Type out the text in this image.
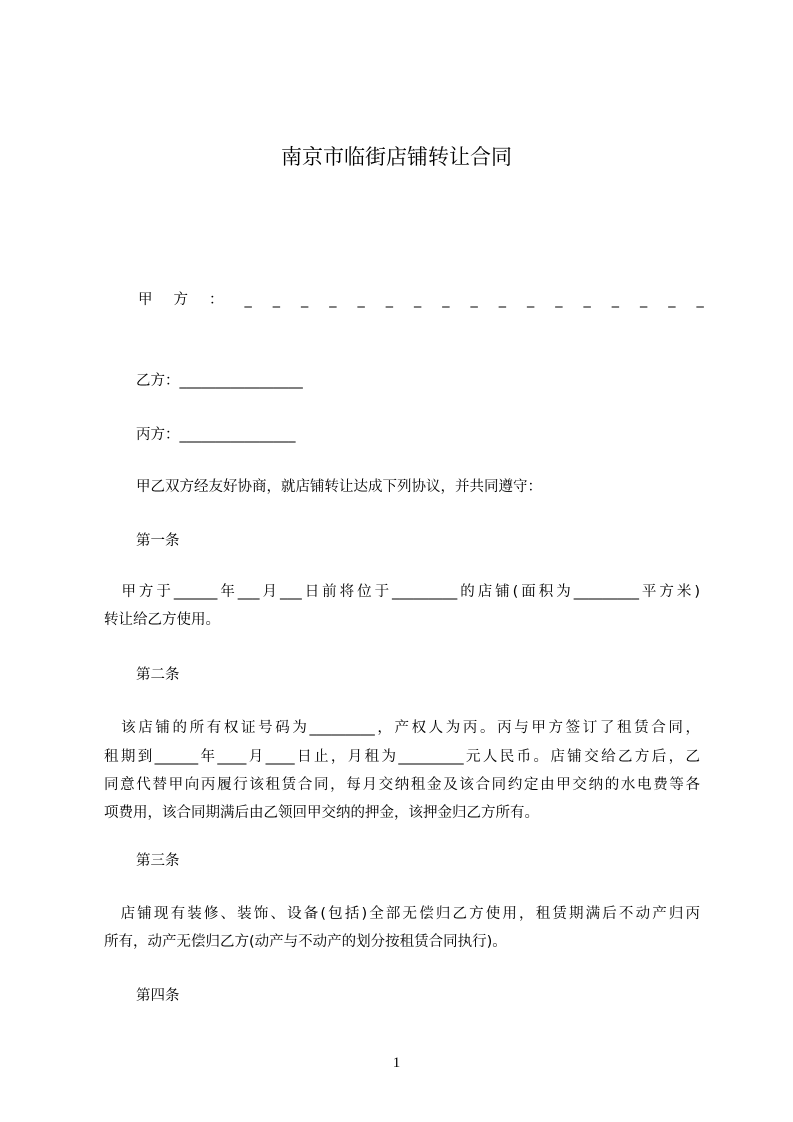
南京市临街店铺转让合同
甲方：_________________
乙方：_________________
丙方：________________
甲乙双方经友好协商，就店铺转让达成下列协议，并共同遵守：
第一条
　甲方于______年___月___日前将位于_________的店铺(面积为_________平方米)
转让给乙方使用。
第二条
　该店铺的所有权证号码为_________，产权人为丙。丙与甲方签订了租赁合同，
租期到______年____月____日止，月租为_________元人民币。店铺交给乙方后，乙
同意代替甲向丙履行该租赁合同，每月交纳租金及该合同约定由甲交纳的水电费等各
项费用，该合同期满后由乙领回甲交纳的押金，该押金归乙方所有。
第三条
　店铺现有装修、装饰、设备(包括)全部无偿归乙方使用，租赁期满后不动产归丙
所有，动产无偿归乙方(动产与不动产的划分按租赁合同执行)。
第四条
1
